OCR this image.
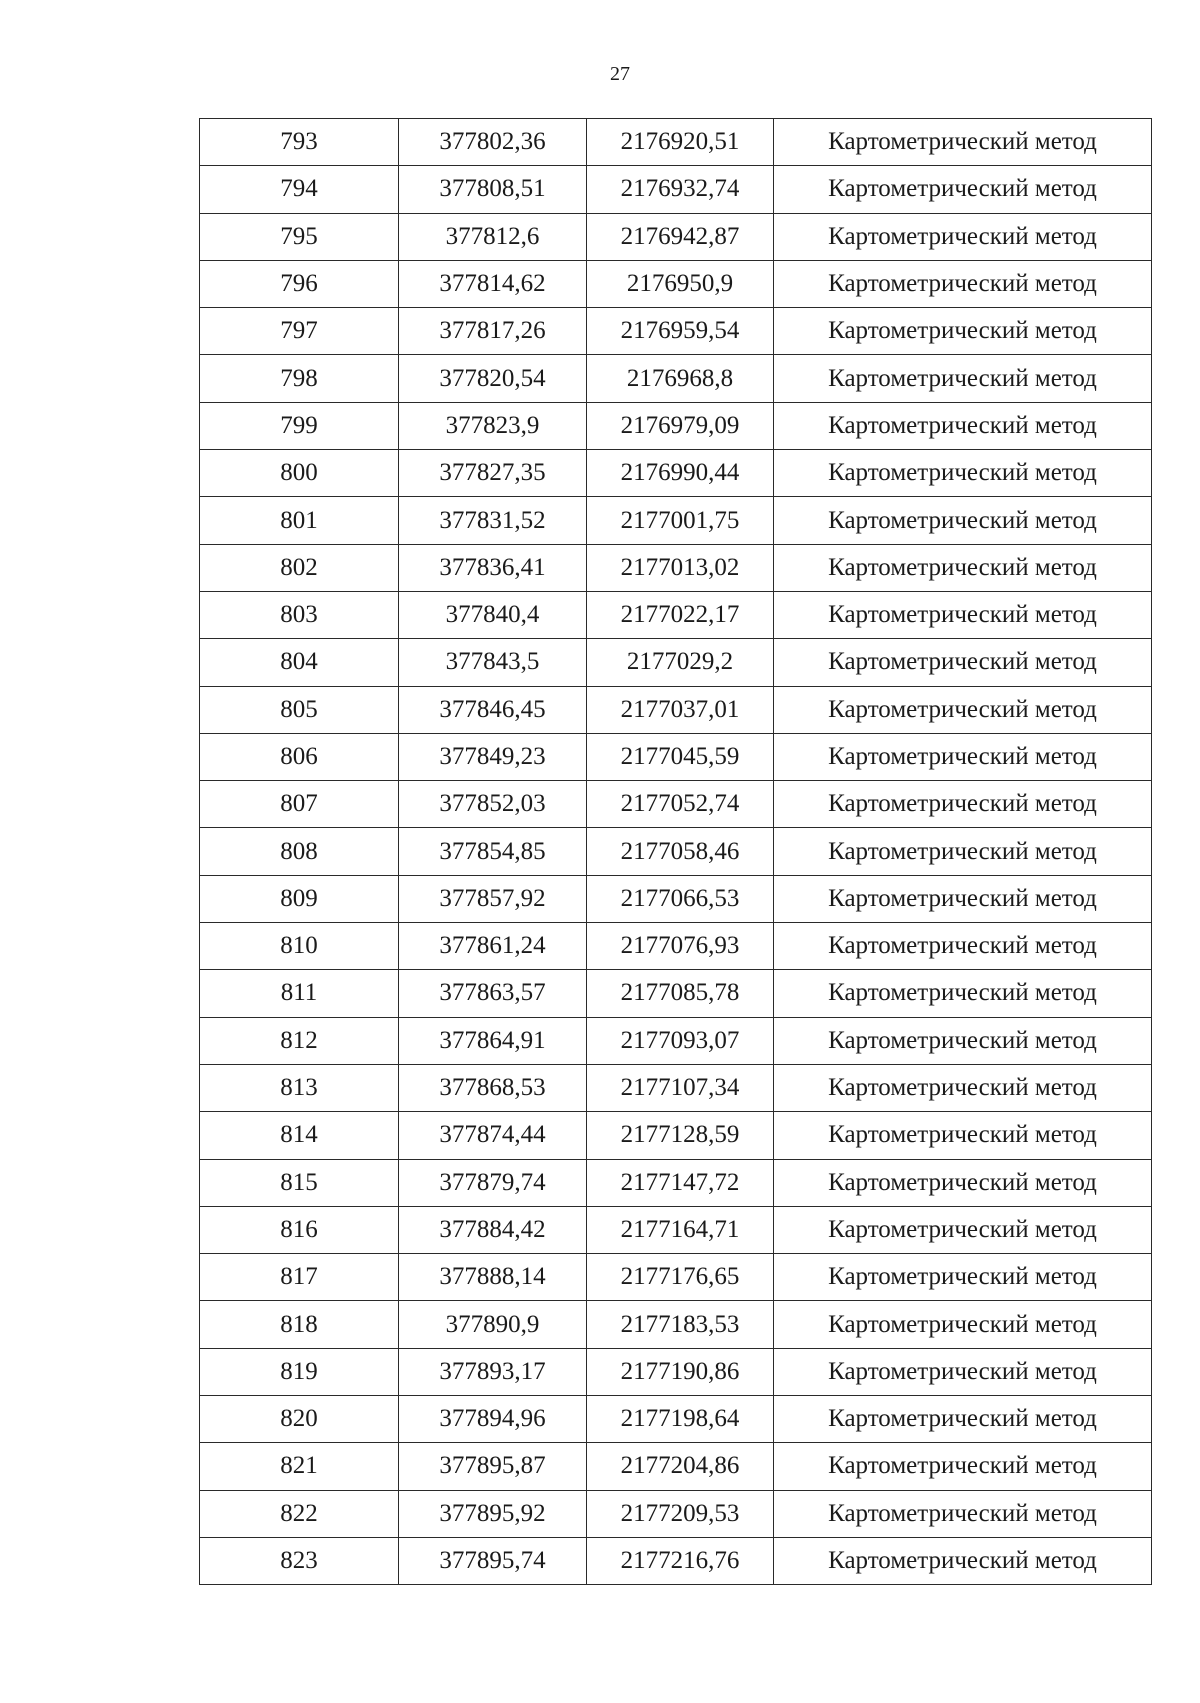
27
793	377802,36	2176920,51	Картометрический метод
794	377808,51	2176932,74	Картометрический метод
795	377812,6	2176942,87	Картометрический метод
796	377814,62	2176950,9	Картометрический метод
797	377817,26	2176959,54	Картометрический метод
798	377820,54	2176968,8	Картометрический метод
799	377823,9	2176979,09	Картометрический метод
800	377827,35	2176990,44	Картометрический метод
801	377831,52	2177001,75	Картометрический метод
802	377836,41	2177013,02	Картометрический метод
803	377840,4	2177022,17	Картометрический метод
804	377843,5	2177029,2	Картометрический метод
805	377846,45	2177037,01	Картометрический метод
806	377849,23	2177045,59	Картометрический метод
807	377852,03	2177052,74	Картометрический метод
808	377854,85	2177058,46	Картометрический метод
809	377857,92	2177066,53	Картометрический метод
810	377861,24	2177076,93	Картометрический метод
811	377863,57	2177085,78	Картометрический метод
812	377864,91	2177093,07	Картометрический метод
813	377868,53	2177107,34	Картометрический метод
814	377874,44	2177128,59	Картометрический метод
815	377879,74	2177147,72	Картометрический метод
816	377884,42	2177164,71	Картометрический метод
817	377888,14	2177176,65	Картометрический метод
818	377890,9	2177183,53	Картометрический метод
819	377893,17	2177190,86	Картометрический метод
820	377894,96	2177198,64	Картометрический метод
821	377895,87	2177204,86	Картометрический метод
822	377895,92	2177209,53	Картометрический метод
823	377895,74	2177216,76	Картометрический метод
